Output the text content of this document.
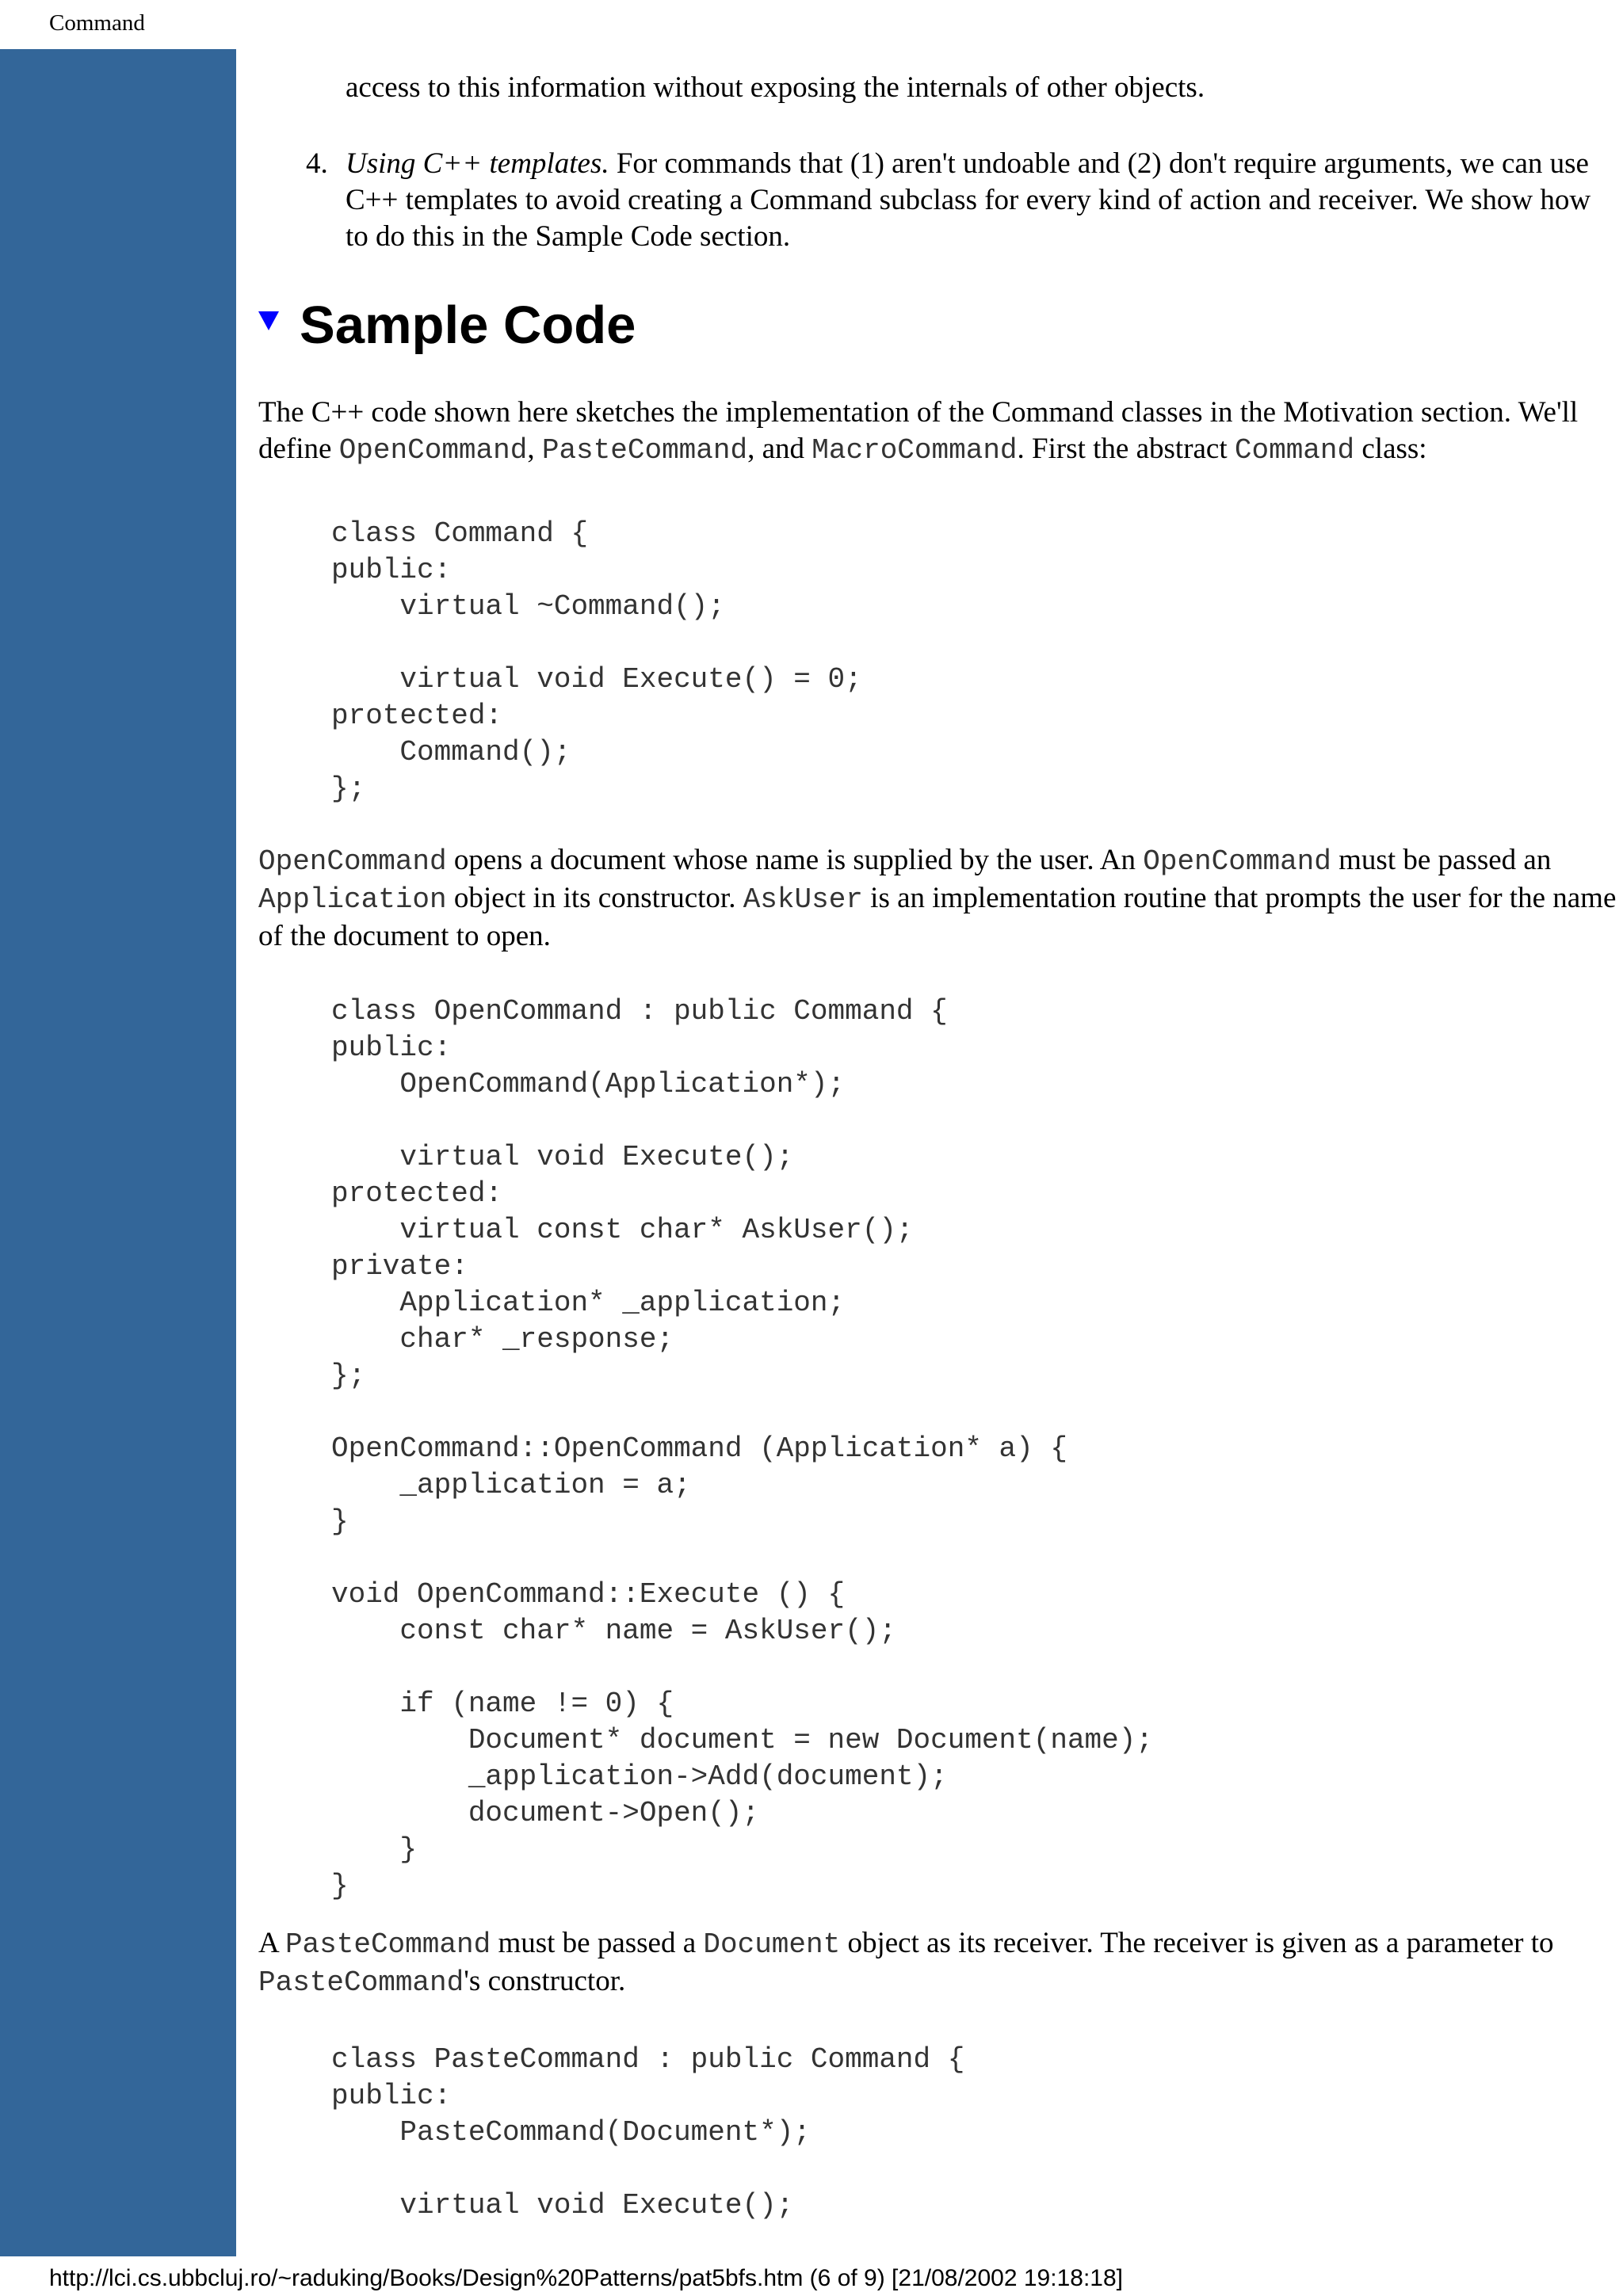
Command

access to this information without exposing the internals of other objects.

4. Using C++ templates. For commands that (1) aren't undoable and (2) don't require arguments, we can use C++ templates to avoid creating a Command subclass for every kind of action and receiver. We show how to do this in the Sample Code section.

Sample Code

The C++ code shown here sketches the implementation of the Command classes in the Motivation section. We'll define OpenCommand, PasteCommand, and MacroCommand. First the abstract Command class:

class Command {
public:
virtual ~Command();

virtual void Execute() = 0;
protected:
Command();
};

OpenCommand opens a document whose name is supplied by the user. An OpenCommand must be passed an Application object in its constructor. AskUser is an implementation routine that prompts the user for the name of the document to open.

class OpenCommand : public Command {
public:
OpenCommand(Application*);

virtual void Execute();
protected:
virtual const char* AskUser();
private:
Application* _application;
char* _response;
};

OpenCommand::OpenCommand (Application* a) {
_application = a;
}

void OpenCommand::Execute () {
const char* name = AskUser();

if (name != 0) {
Document* document = new Document(name);
_application->Add(document);
document->Open();
}
}

A PasteCommand must be passed a Document object as its receiver. The receiver is given as a parameter to PasteCommand's constructor.

class PasteCommand : public Command {
public:
PasteCommand(Document*);

virtual void Execute();
http://lci.cs.ubbcluj.ro/~raduking/Books/Design%20Patterns/pat5bfs.htm (6 of 9) [21/08/2002 19:18:18]
